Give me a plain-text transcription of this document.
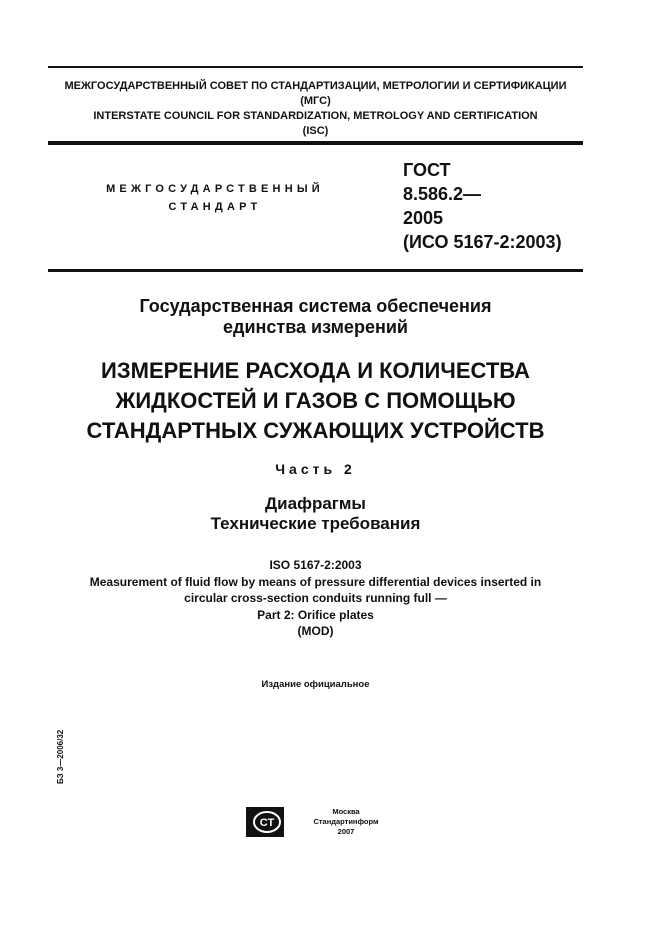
МЕЖГОСУДАРСТВЕННЫЙ СОВЕТ ПО СТАНДАРТИЗАЦИИ, МЕТРОЛОГИИ И СЕРТИФИКАЦИИ
(МГС)
INTERSTATE COUNCIL FOR STANDARDIZATION, METROLOGY AND CERTIFICATION
(ISC)
МЕЖГОСУДАРСТВЕННЫЙ
СТАНДАРТ
ГОСТ
8.586.2—
2005
(ИСО 5167-2:2003)
Государственная система обеспечения
единства измерений
ИЗМЕРЕНИЕ РАСХОДА И КОЛИЧЕСТВА
ЖИДКОСТЕЙ И ГАЗОВ С ПОМОЩЬЮ
СТАНДАРТНЫХ СУЖАЮЩИХ УСТРОЙСТВ
Часть 2
Диафрагмы
Технические требования
ISO 5167-2:2003
Measurement of fluid flow by means of pressure differential devices inserted in
circular cross-section conduits running full —
Part 2: Orifice plates
(MOD)
Издание официальное
БЗ 3—2006/32
СТ
Москва
Стандартинформ
2007
